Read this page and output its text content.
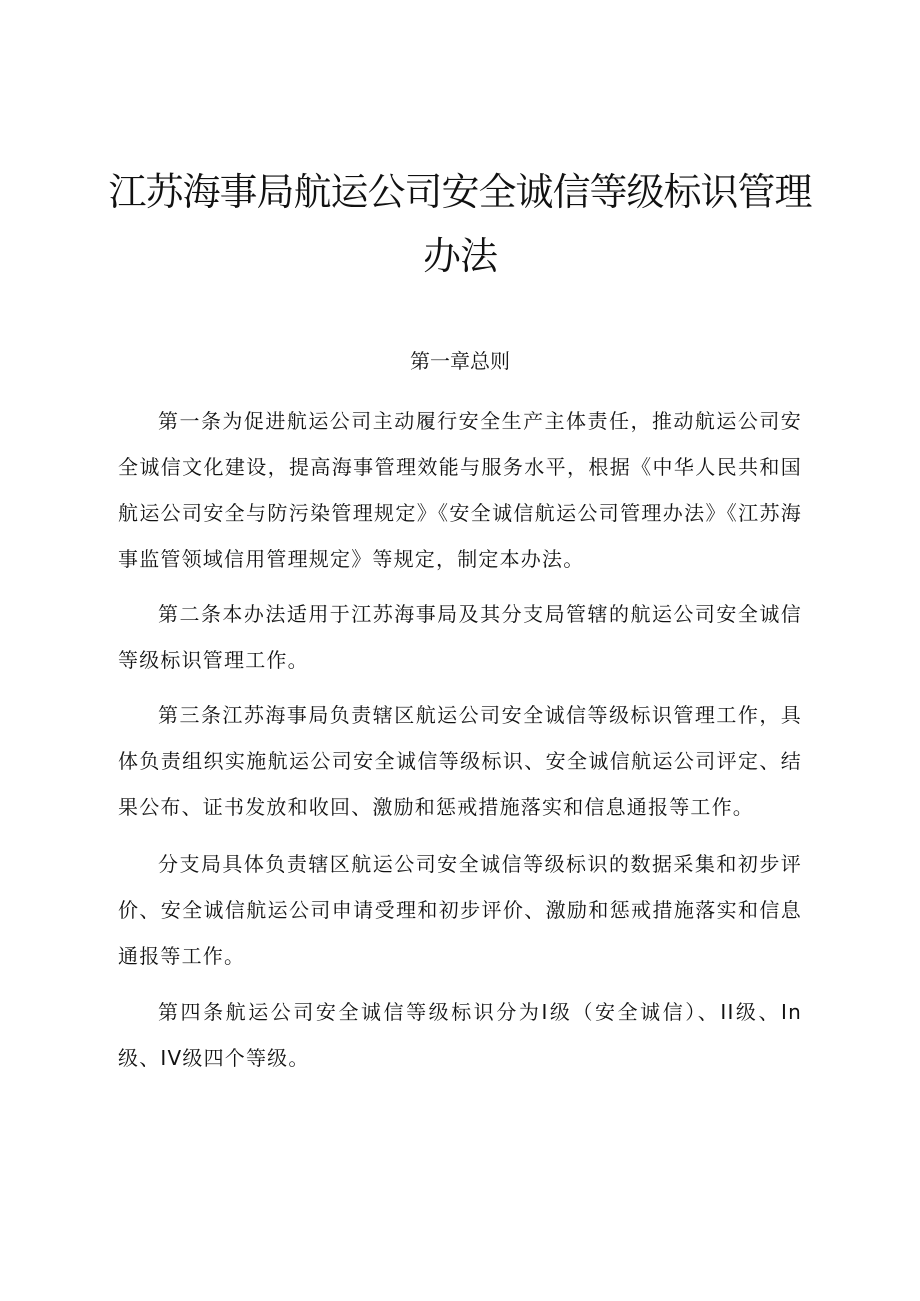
江苏海事局航运公司安全诚信等级标识管理办法
第一章总则

第一条为促进航运公司主动履行安全生产主体责任，推动航运公司安全诚信文化建设，提高海事管理效能与服务水平，根据《中华人民共和国航运公司安全与防污染管理规定》《安全诚信航运公司管理办法》《江苏海事监管领域信用管理规定》等规定，制定本办法。

第二条本办法适用于江苏海事局及其分支局管辖的航运公司安全诚信等级标识管理工作。

第三条江苏海事局负责辖区航运公司安全诚信等级标识管理工作，具体负责组织实施航运公司安全诚信等级标识、安全诚信航运公司评定、结果公布、证书发放和收回、激励和惩戒措施落实和信息通报等工作。

分支局具体负责辖区航运公司安全诚信等级标识的数据采集和初步评价、安全诚信航运公司申请受理和初步评价、激励和惩戒措施落实和信息通报等工作。

第四条航运公司安全诚信等级标识分为I级（安全诚信）、II级、In级、IV级四个等级。
